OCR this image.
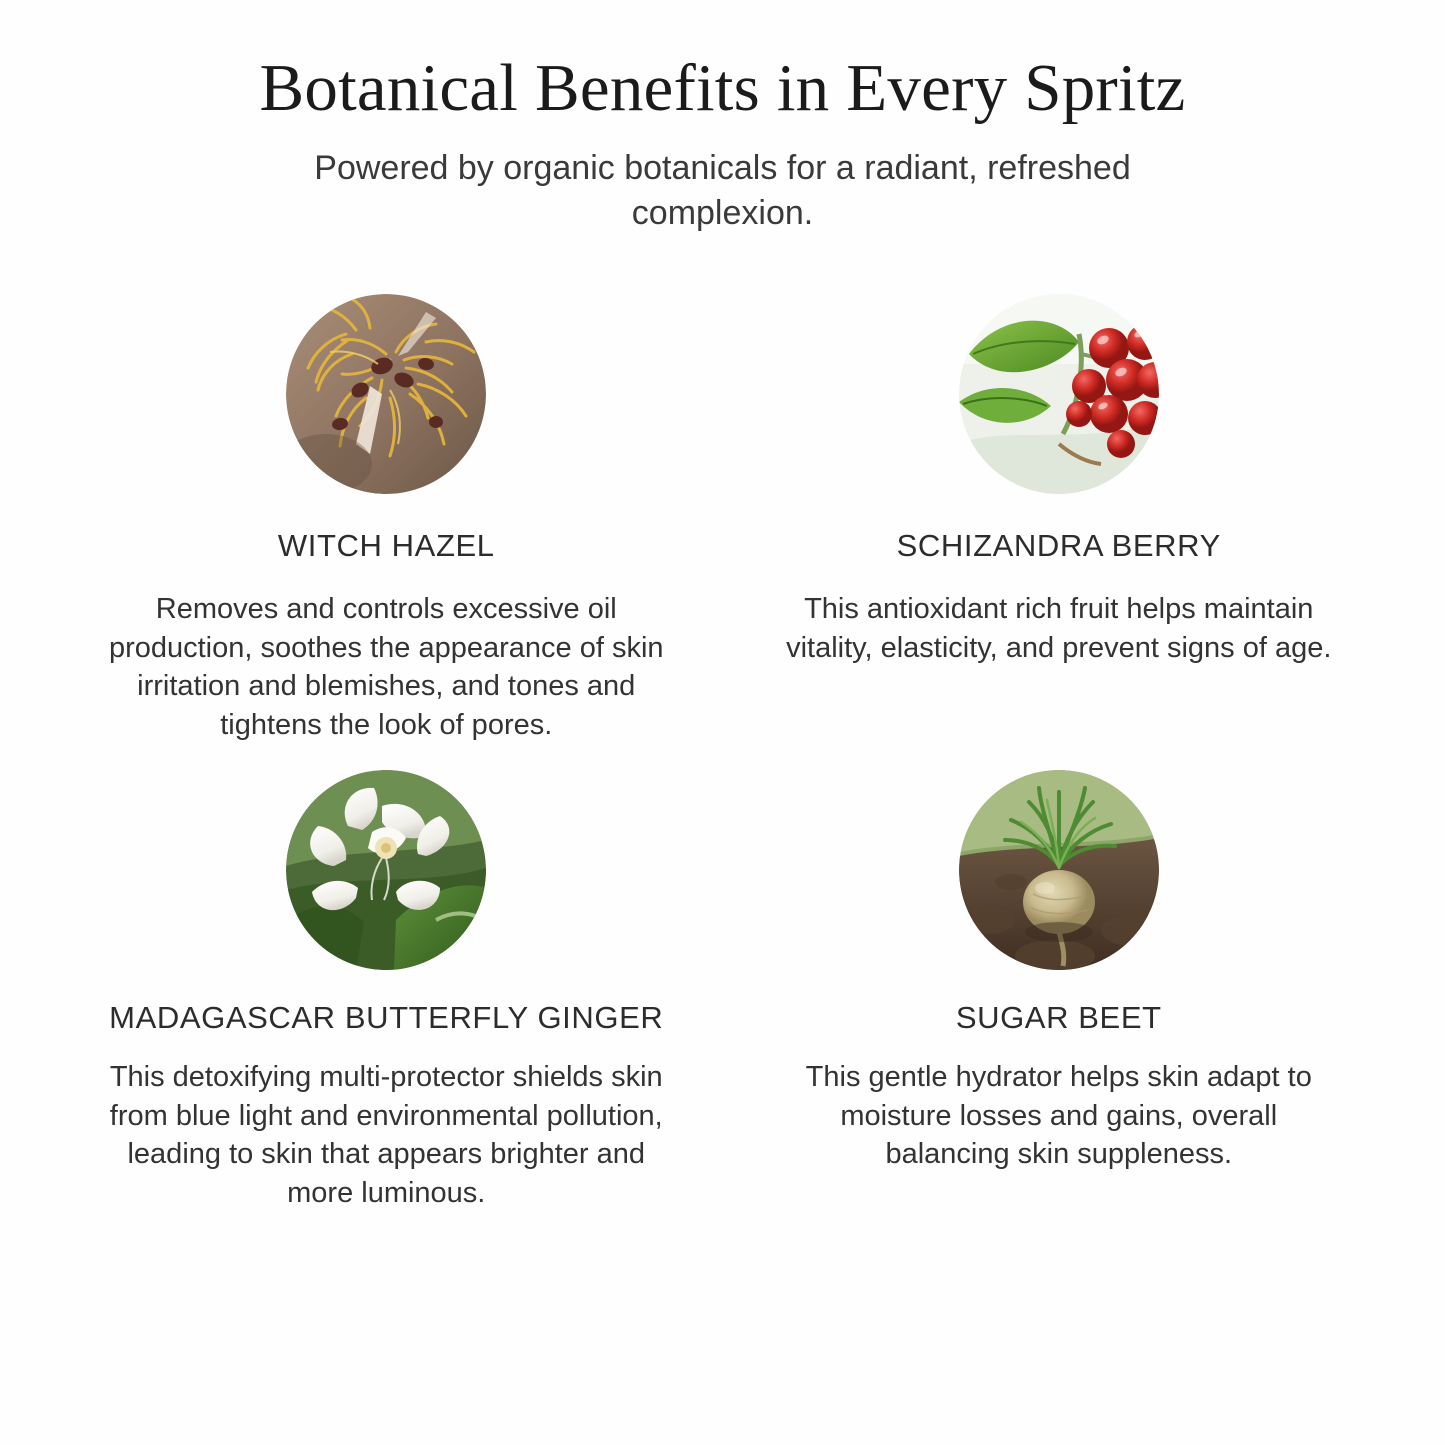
Botanical Benefits in Every Spritz

Powered by organic botanicals for a radiant, refreshed complexion.

WITCH HAZEL

Removes and controls excessive oil production, soothes the appearance of skin irritation and blemishes, and tones and tightens the look of pores.

SCHIZANDRA BERRY

This antioxidant rich fruit helps maintain vitality, elasticity, and prevent signs of age.

MADAGASCAR BUTTERFLY GINGER

This detoxifying multi-protector shields skin from blue light and environmental pollution, leading to skin that appears brighter and more luminous.

SUGAR BEET

This gentle hydrator helps skin adapt to moisture losses and gains, overall balancing skin suppleness.
